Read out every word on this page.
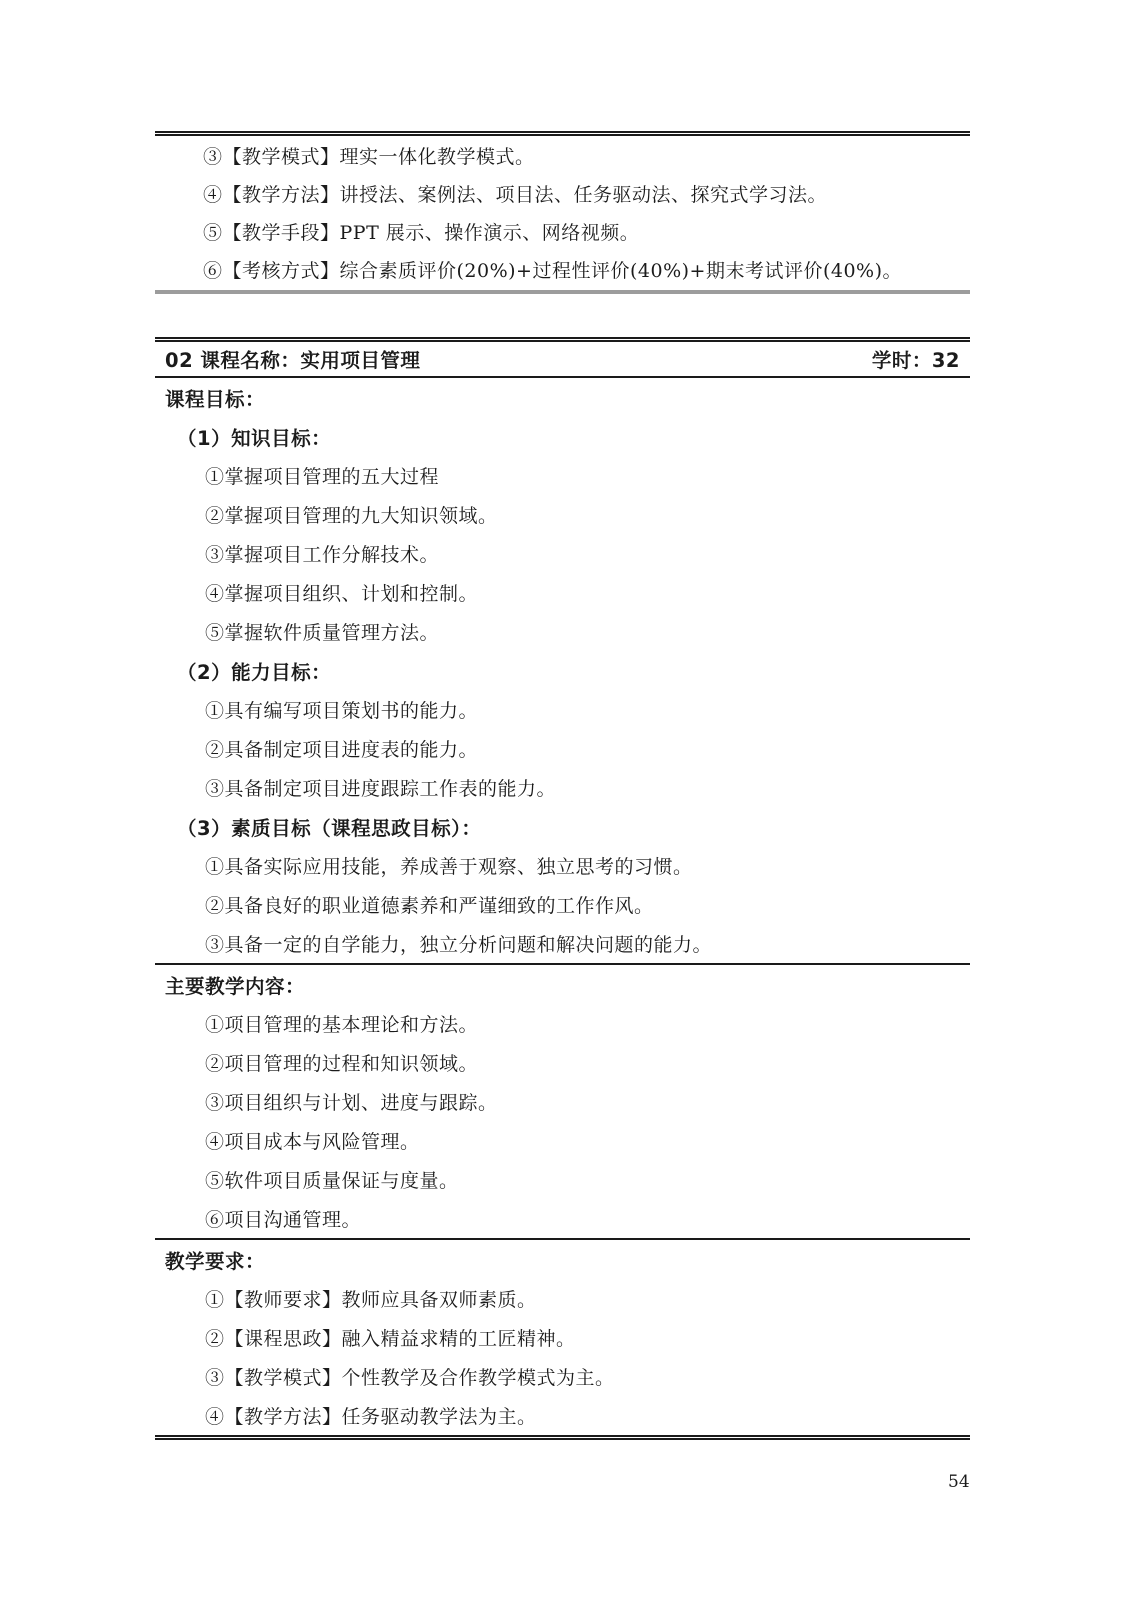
③【教学模式】理实一体化教学模式。
④【教学方法】讲授法、案例法、项目法、任务驱动法、探究式学习法。
⑤【教学手段】PPT 展示、操作演示、网络视频。
⑥【考核方式】综合素质评价(20%)+过程性评价(40%)+期末考试评价(40%)。
02 课程名称：实用项目管理	学时：32
课程目标：
（1）知识目标：
①掌握项目管理的五大过程
②掌握项目管理的九大知识领域。
③掌握项目工作分解技术。
④掌握项目组织、计划和控制。
⑤掌握软件质量管理方法。
（2）能力目标：
①具有编写项目策划书的能力。
②具备制定项目进度表的能力。
③具备制定项目进度跟踪工作表的能力。
（3）素质目标（课程思政目标）：
①具备实际应用技能，养成善于观察、独立思考的习惯。
②具备良好的职业道德素养和严谨细致的工作作风。
③具备一定的自学能力，独立分析问题和解决问题的能力。
主要教学内容：
①项目管理的基本理论和方法。
②项目管理的过程和知识领域。
③项目组织与计划、进度与跟踪。
④项目成本与风险管理。
⑤软件项目质量保证与度量。
⑥项目沟通管理。
教学要求：
①【教师要求】教师应具备双师素质。
②【课程思政】融入精益求精的工匠精神。
③【教学模式】个性教学及合作教学模式为主。
④【教学方法】任务驱动教学法为主。
54
